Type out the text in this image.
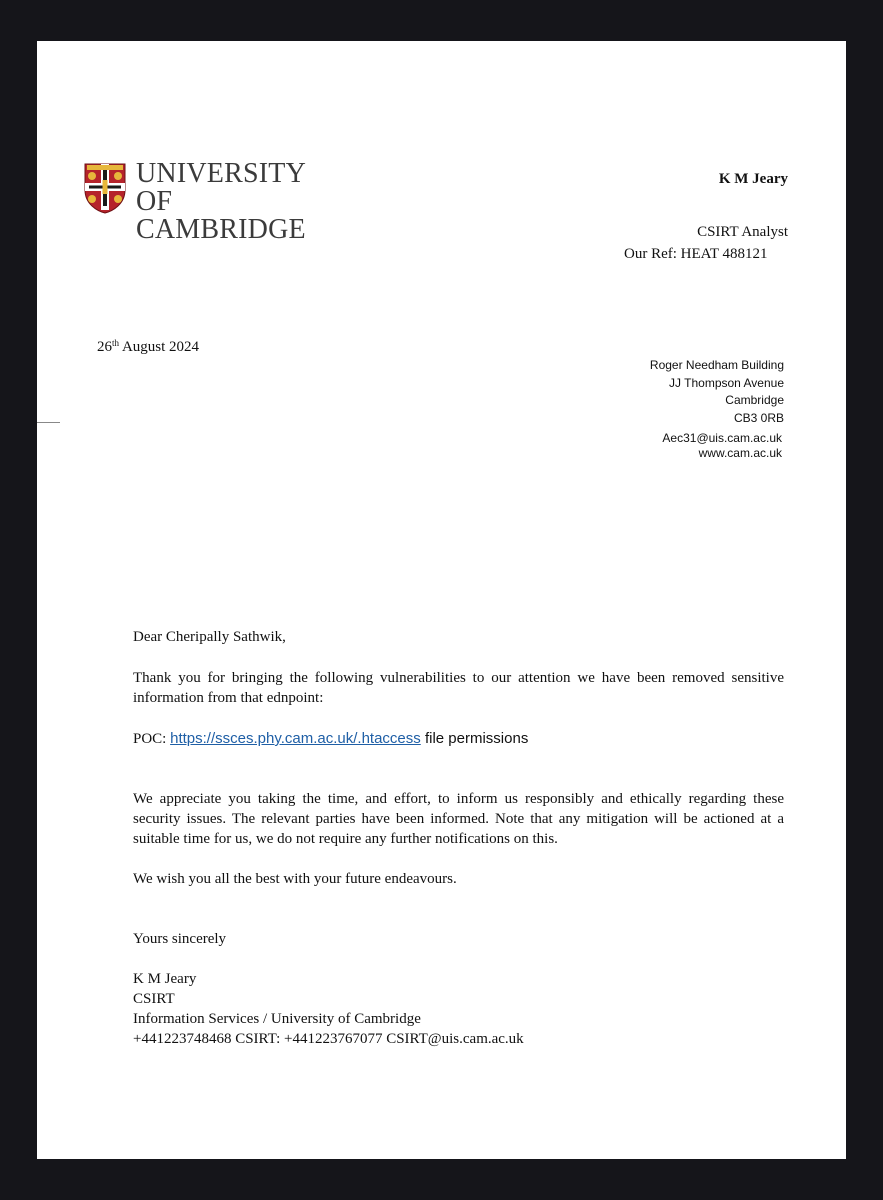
UNIVERSITY OF
CAMBRIDGE
K M Jeary
CSIRT Analyst
Our Ref: HEAT 488121
26th August 2024
Roger Needham Building
JJ Thompson Avenue
Cambridge
CB3 0RB
Aec31@uis.cam.ac.uk
www.cam.ac.uk
Dear Cheripally Sathwik,
Thank you for bringing the following vulnerabilities to our attention we have been removed sensitive information from that ednpoint:
POC: https://ssces.phy.cam.ac.uk/.htaccess file permissions
We appreciate you taking the time, and effort, to inform us responsibly and ethically regarding these security issues. The relevant parties have been informed. Note that any mitigation will be actioned at a suitable time for us, we do not require any further notifications on this.
We wish you all the best with your future endeavours.
Yours sincerely
K M Jeary
CSIRT
Information Services / University of Cambridge
+441223748468 CSIRT: +441223767077 CSIRT@uis.cam.ac.uk
